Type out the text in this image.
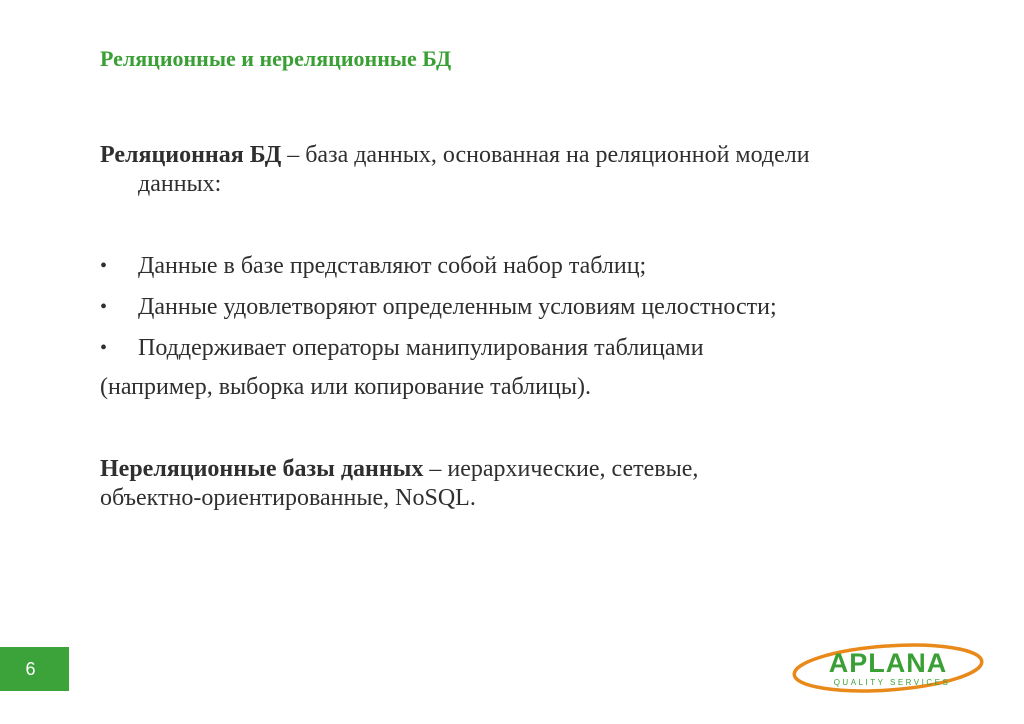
Реляционные и нереляционные БД
Реляционная БД – база данных, основанная на реляционной модели
данных:
• Данные в базе представляют собой набор таблиц;
• Данные удовлетворяют определенным условиям целостности;
• Поддерживает операторы манипулирования таблицами
(например, выборка или копирование таблицы).
Нереляционные базы данных – иерархические, сетевые,
объектно-ориентированные, NoSQL.
6	APLANA
QUALITY SERVICES
